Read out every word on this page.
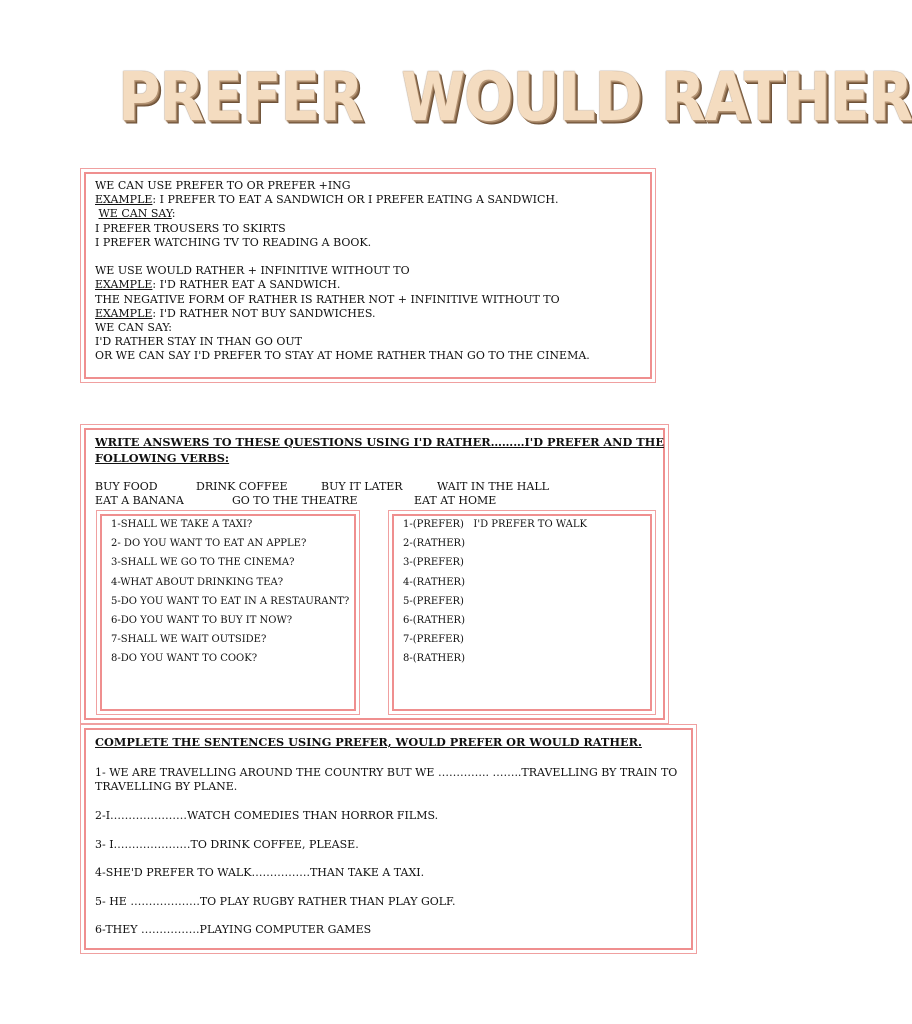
PREFER  WOULD RATHER
WE CAN USE PREFER TO OR PREFER +ING
EXAMPLE: I PREFER TO EAT A SANDWICH OR I PREFER EATING A SANDWICH.
WE CAN SAY:
I PREFER TROUSERS TO SKIRTS
I PREFER WATCHING TV TO READING A BOOK.
WE USE WOULD RATHER + INFINITIVE WITHOUT TO
EXAMPLE: I'D RATHER EAT A SANDWICH.
THE NEGATIVE FORM OF RATHER IS RATHER NOT + INFINITIVE WITHOUT TO
EXAMPLE: I'D RATHER NOT BUY SANDWICHES.
WE CAN SAY:
I'D RATHER STAY IN THAN GO OUT
OR WE CAN SAY I'D PREFER TO STAY AT HOME RATHER THAN GO TO THE CINEMA.
WRITE ANSWERS TO THESE QUESTIONS USING I'D RATHER………I'D PREFER AND THE
FOLLOWING VERBS:
BUY FOOD	DRINK COFFEE	BUY IT LATER	WAIT IN THE HALL
EAT A BANANA	GO TO THE THEATRE	EAT AT HOME
1-SHALL WE TAKE A TAXI?
2- DO YOU WANT TO EAT AN APPLE?
3-SHALL WE GO TO THE CINEMA?
4-WHAT ABOUT DRINKING TEA?
5-DO YOU WANT TO EAT IN A RESTAURANT?
6-DO YOU WANT TO BUY IT NOW?
7-SHALL WE WAIT OUTSIDE?
8-DO YOU WANT TO COOK?
1-(PREFER)   I'D PREFER TO WALK
2-(RATHER)
3-(PREFER)
4-(RATHER)
5-(PREFER)
6-(RATHER)
7-(PREFER)
8-(RATHER)
COMPLETE THE SENTENCES USING PREFER, WOULD PREFER OR WOULD RATHER.
1- WE ARE TRAVELLING AROUND THE COUNTRY BUT WE ………….. ……..TRAVELLING BY TRAIN TO
TRAVELLING BY PLANE.
2-I…………………WATCH COMEDIES THAN HORROR FILMS.
3- I…………………TO DRINK COFFEE, PLEASE.
4-SHE'D PREFER TO WALK…………….THAN TAKE A TAXI.
5- HE ……………….TO PLAY RUGBY RATHER THAN PLAY GOLF.
6-THEY …………….PLAYING COMPUTER GAMES
